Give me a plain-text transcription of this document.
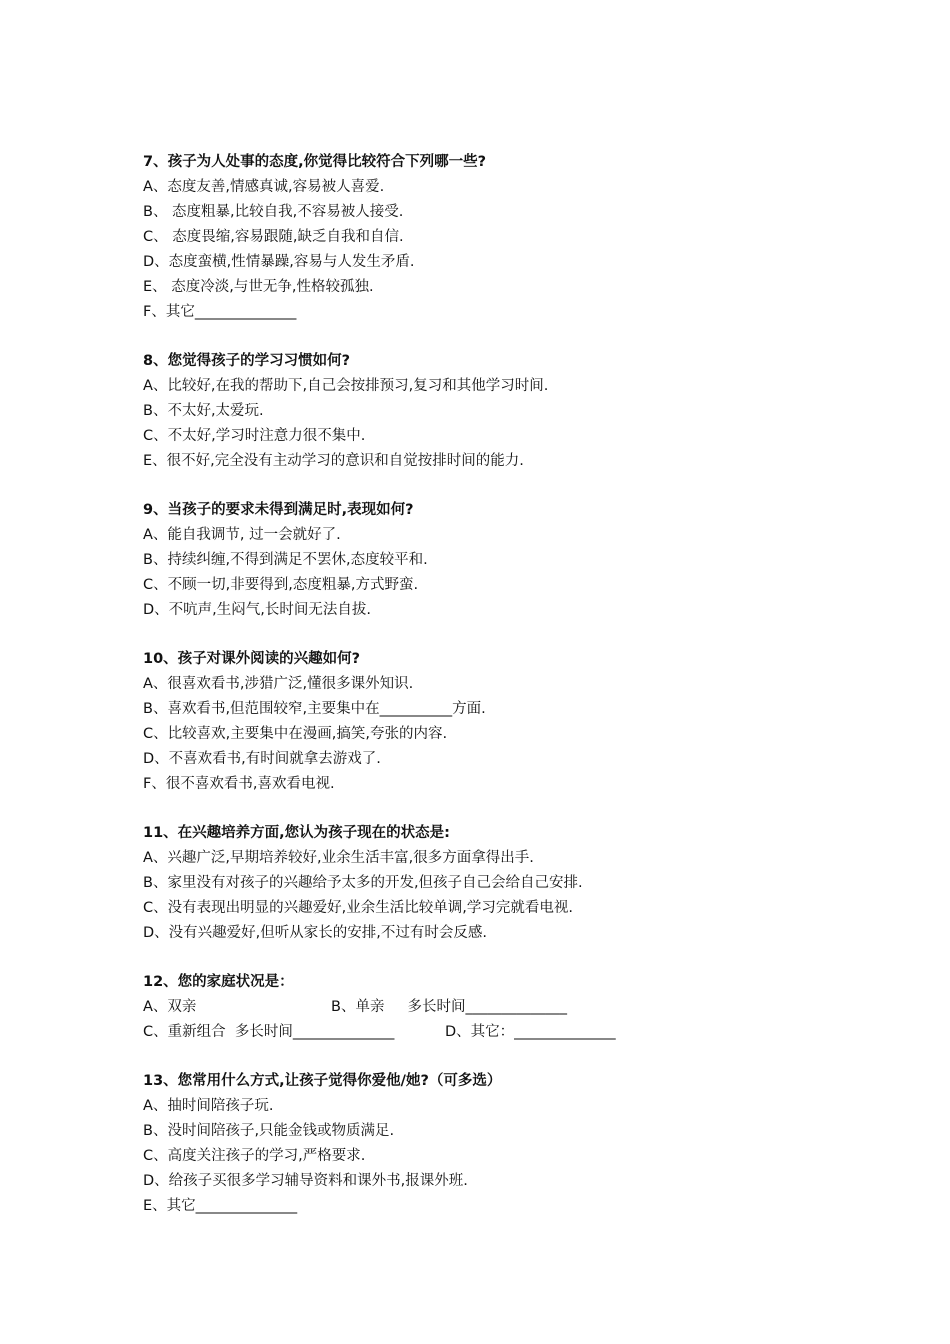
7、孩子为人处事的态度,你觉得比较符合下列哪一些?
A、态度友善,情感真诚,容易被人喜爱.
B、 态度粗暴,比较自我,不容易被人接受.
C、 态度畏缩,容易跟随,缺乏自我和自信.
D、态度蛮横,性情暴躁,容易与人发生矛盾.
E、 态度冷淡,与世无争,性格较孤独.
F、其它______________
8、您觉得孩子的学习习惯如何?
A、比较好,在我的帮助下,自己会按排预习,复习和其他学习时间.
B、不太好,太爱玩.
C、不太好,学习时注意力很不集中.
E、很不好,完全没有主动学习的意识和自觉按排时间的能力.
9、当孩子的要求未得到满足时,表现如何?
A、能自我调节, 过一会就好了.
B、持续纠缠,不得到满足不罢休,态度较平和.
C、不顾一切,非要得到,态度粗暴,方式野蛮.
D、不吭声,生闷气,长时间无法自拔.
10、孩子对课外阅读的兴趣如何?
A、很喜欢看书,涉猎广泛,懂很多课外知识.
B、喜欢看书,但范围较窄,主要集中在__________方面.
C、比较喜欢,主要集中在漫画,搞笑,夸张的内容.
D、不喜欢看书,有时间就拿去游戏了.
F、很不喜欢看书,喜欢看电视.
11、在兴趣培养方面,您认为孩子现在的状态是:
A、兴趣广泛,早期培养较好,业余生活丰富,很多方面拿得出手.
B、家里没有对孩子的兴趣给予太多的开发,但孩子自己会给自己安排.
C、没有表现出明显的兴趣爱好,业余生活比较单调,学习完就看电视.
D、没有兴趣爱好,但听从家长的安排,不过有时会反感.
12、您的家庭状况是：
A、双亲	B、单亲     多长时间______________
C、重新组合  多长时间______________	D、其它：______________
13、您常用什么方式,让孩子觉得你爱他/她?（可多选）
A、抽时间陪孩子玩.
B、没时间陪孩子,只能金钱或物质满足.
C、高度关注孩子的学习,严格要求.
D、给孩子买很多学习辅导资料和课外书,报课外班.
E、其它______________
